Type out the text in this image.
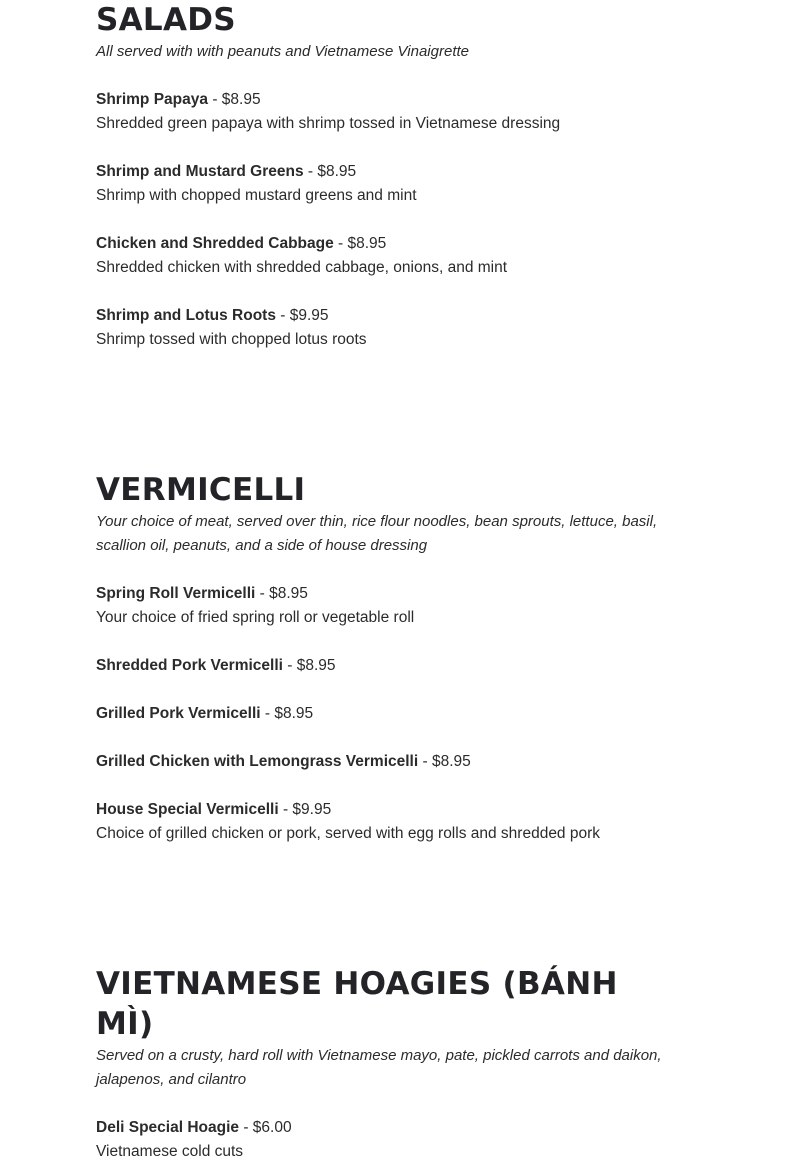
SALADS

All served with with peanuts and Vietnamese Vinaigrette

Shrimp Papaya - $8.95
Shredded green papaya with shrimp tossed in Vietnamese dressing
Shrimp and Mustard Greens - $8.95
Shrimp with chopped mustard greens and mint
Chicken and Shredded Cabbage - $8.95
Shredded chicken with shredded cabbage, onions, and mint
Shrimp and Lotus Roots - $9.95
Shrimp tossed with chopped lotus roots
VERMICELLI

Your choice of meat, served over thin, rice flour noodles, bean sprouts, lettuce, basil, scallion oil, peanuts, and a side of house dressing

Spring Roll Vermicelli - $8.95
Your choice of fried spring roll or vegetable roll
Shredded Pork Vermicelli - $8.95
Grilled Pork Vermicelli - $8.95
Grilled Chicken with Lemongrass Vermicelli - $8.95
House Special Vermicelli - $9.95
Choice of grilled chicken or pork, served with egg rolls and shredded pork
VIETNAMESE HOAGIES (BÁNH MÌ)

Served on a crusty, hard roll with Vietnamese mayo, pate, pickled carrots and daikon, jalapenos, and cilantro

Deli Special Hoagie - $6.00
Vietnamese cold cuts
